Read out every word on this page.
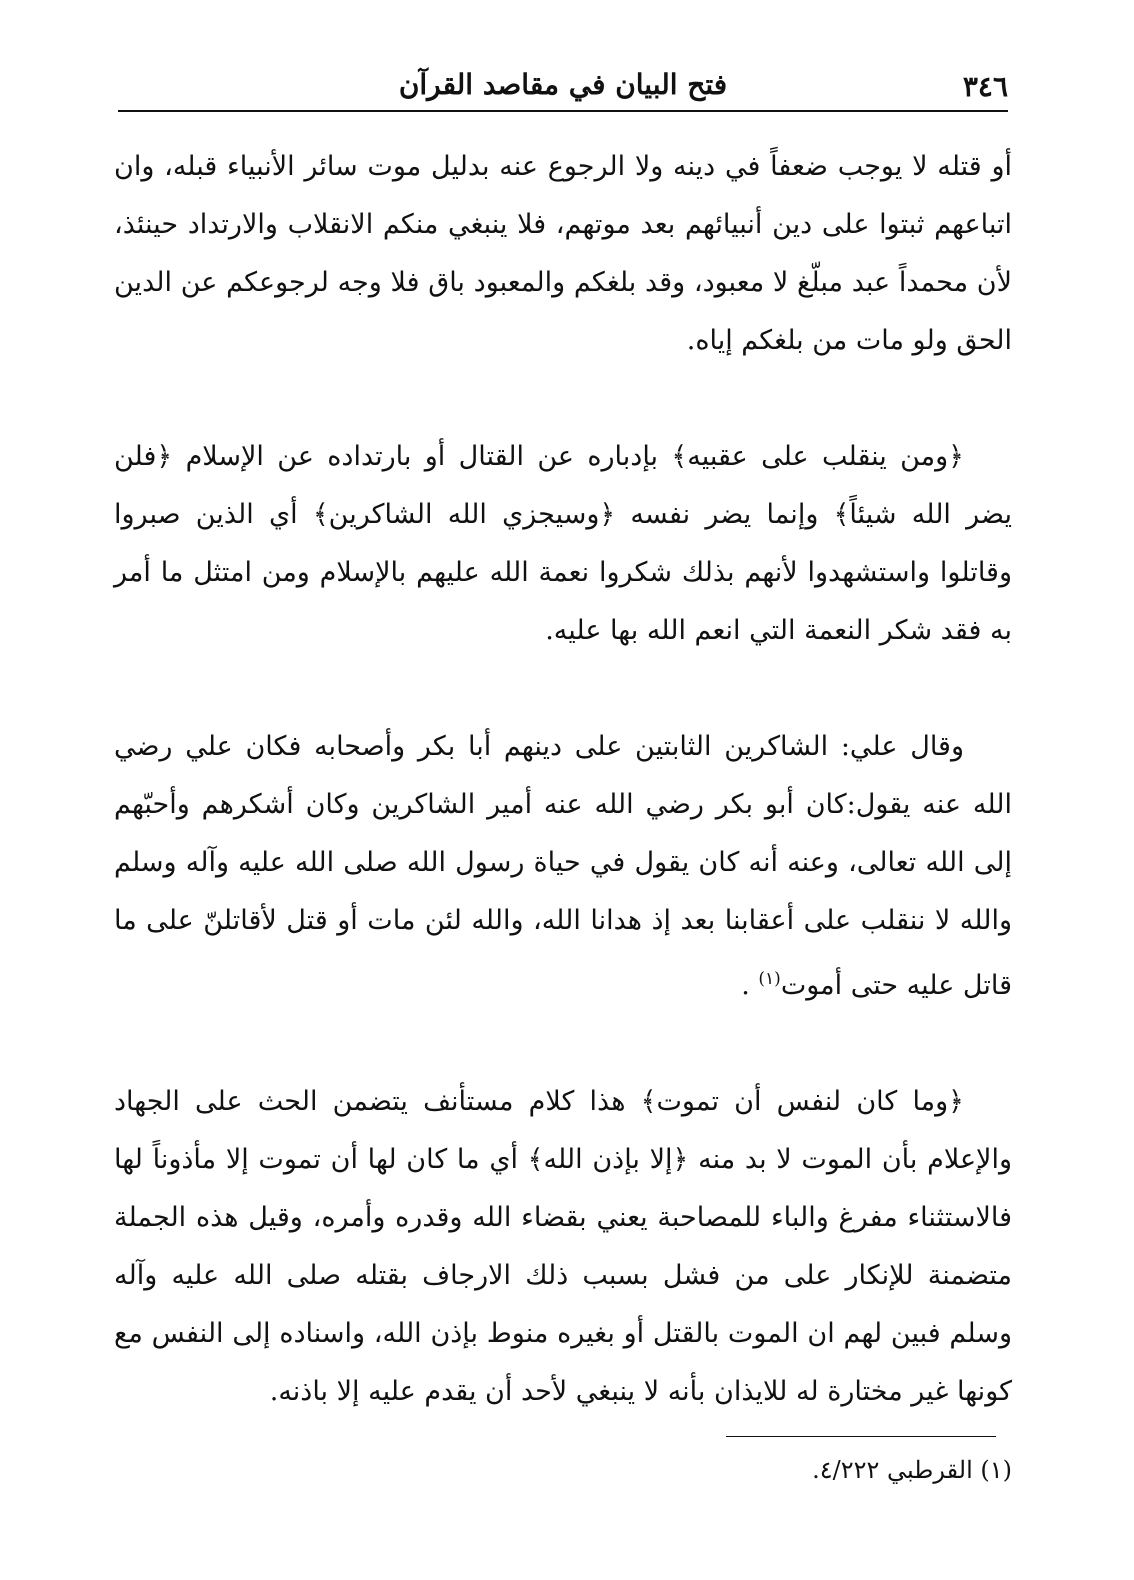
٣٤٦
فتح البيان في مقاصد القرآن

أو قتله لا يوجب ضعفاً في دينه ولا الرجوع عنه بدليل موت سائر الأنبياء قبله، وان اتباعهم ثبتوا على دين أنبيائهم بعد موتهم، فلا ينبغي منكم الانقلاب والارتداد حينئذ، لأن محمداً عبد مبلّغ لا معبود، وقد بلغكم والمعبود باق فلا وجه لرجوعكم عن الدين الحق ولو مات من بلغكم إياه.

﴿ومن ينقلب على عقبيه﴾ بإدباره عن القتال أو بارتداده عن الإسلام ﴿فلن يضر الله شيئاً﴾ وإنما يضر نفسه ﴿وسيجزي الله الشاكرين﴾ أي الذين صبروا وقاتلوا واستشهدوا لأنهم بذلك شكروا نعمة الله عليهم بالإسلام ومن امتثل ما أمر به فقد شكر النعمة التي انعم الله بها عليه.

وقال علي: الشاكرين الثابتين على دينهم أبا بكر وأصحابه فكان علي رضي الله عنه يقول:كان أبو بكر رضي الله عنه أمير الشاكرين وكان أشكرهم وأحبّهم إلى الله تعالى، وعنه أنه كان يقول في حياة رسول الله صلى الله عليه وآله وسلم والله لا ننقلب على أعقابنا بعد إذ هدانا الله، والله لئن مات أو قتل لأقاتلنّ على ما قاتل عليه حتى أموت$^{(١)}$ .

﴿وما كان لنفس أن تموت﴾ هذا كلام مستأنف يتضمن الحث على الجهاد والإعلام بأن الموت لا بد منه ﴿إلا بإذن الله﴾ أي ما كان لها أن تموت إلا مأذوناً لها فالاستثناء مفرغ والباء للمصاحبة يعني بقضاء الله وقدره وأمره، وقيل هذه الجملة متضمنة للإنكار على من فشل بسبب ذلك الارجاف بقتله صلى الله عليه وآله وسلم فبين لهم ان الموت بالقتل أو بغيره منوط بإذن الله، واسناده إلى النفس مع كونها غير مختارة له للايذان بأنه لا ينبغي لأحد أن يقدم عليه إلا باذنه.

(١) القرطبي ٤/٢٢٢.
